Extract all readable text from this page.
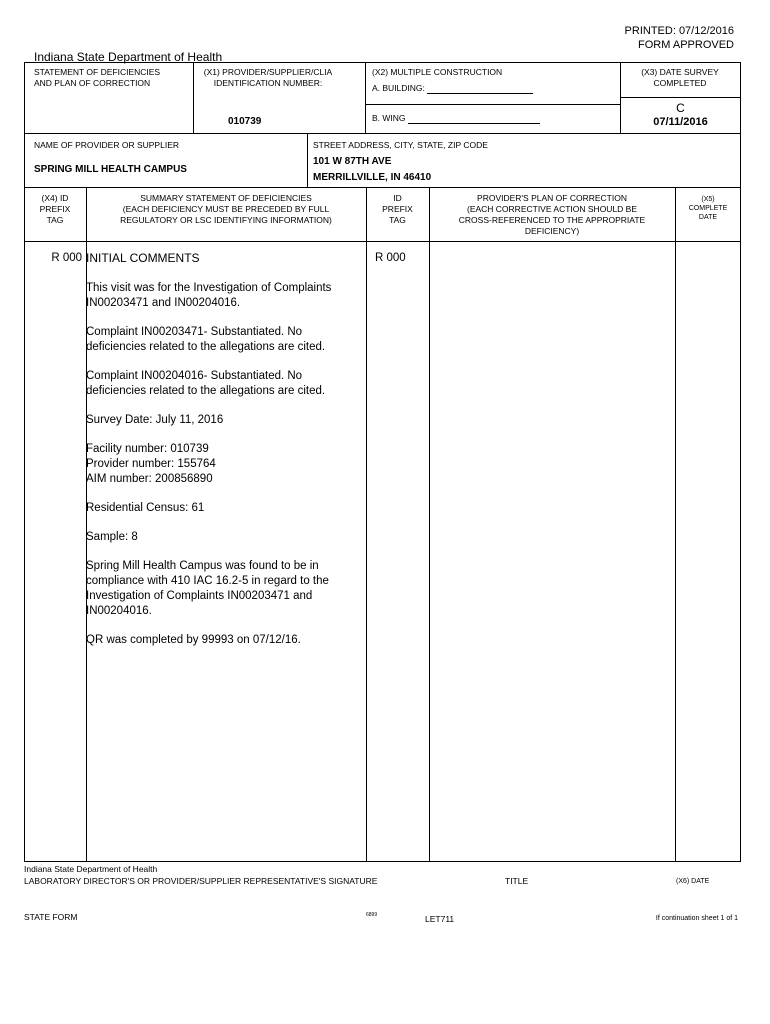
PRINTED: 07/12/2016
FORM APPROVED
Indiana State Department of Health
STATEMENT OF DEFICIENCIES
AND PLAN OF CORRECTION
(X1) PROVIDER/SUPPLIER/CLIA
IDENTIFICATION NUMBER:
010739
(X2) MULTIPLE CONSTRUCTION
A. BUILDING:
B. WING
(X3) DATE SURVEY
COMPLETED
C
07/11/2016
NAME OF PROVIDER OR SUPPLIER
SPRING MILL HEALTH CAMPUS
STREET ADDRESS, CITY, STATE, ZIP CODE
101 W 87TH AVE
MERRILLVILLE, IN 46410
(X4) ID
PREFIX
TAG
SUMMARY STATEMENT OF DEFICIENCIES
(EACH DEFICIENCY MUST BE PRECEDED BY FULL
REGULATORY OR LSC IDENTIFYING INFORMATION)
ID
PREFIX
TAG
PROVIDER'S PLAN OF CORRECTION
(EACH CORRECTIVE ACTION SHOULD BE
CROSS-REFERENCED TO THE APPROPRIATE
DEFICIENCY)
(X5)
COMPLETE
DATE
R 000	R 000
INITIAL COMMENTS

This visit was for the Investigation of Complaints
IN00203471 and IN00204016.

Complaint IN00203471- Substantiated. No
deficiencies related to the allegations are cited.

Complaint IN00204016- Substantiated. No
deficiencies related to the allegations are cited.

Survey Date: July 11, 2016

Facility number: 010739
Provider number: 155764
AIM number: 200856890

Residential Census: 61

Sample: 8

Spring Mill Health Campus was found to be in
compliance with 410 IAC 16.2-5 in regard to the
Investigation of Complaints IN00203471 and
IN00204016.

QR was completed by 99993 on 07/12/16.

Indiana State Department of Health
LABORATORY DIRECTOR'S OR PROVIDER/SUPPLIER REPRESENTATIVE'S SIGNATURE	TITLE	(X6) DATE
STATE FORM	6899	LET711	If continuation sheet 1 of 1
